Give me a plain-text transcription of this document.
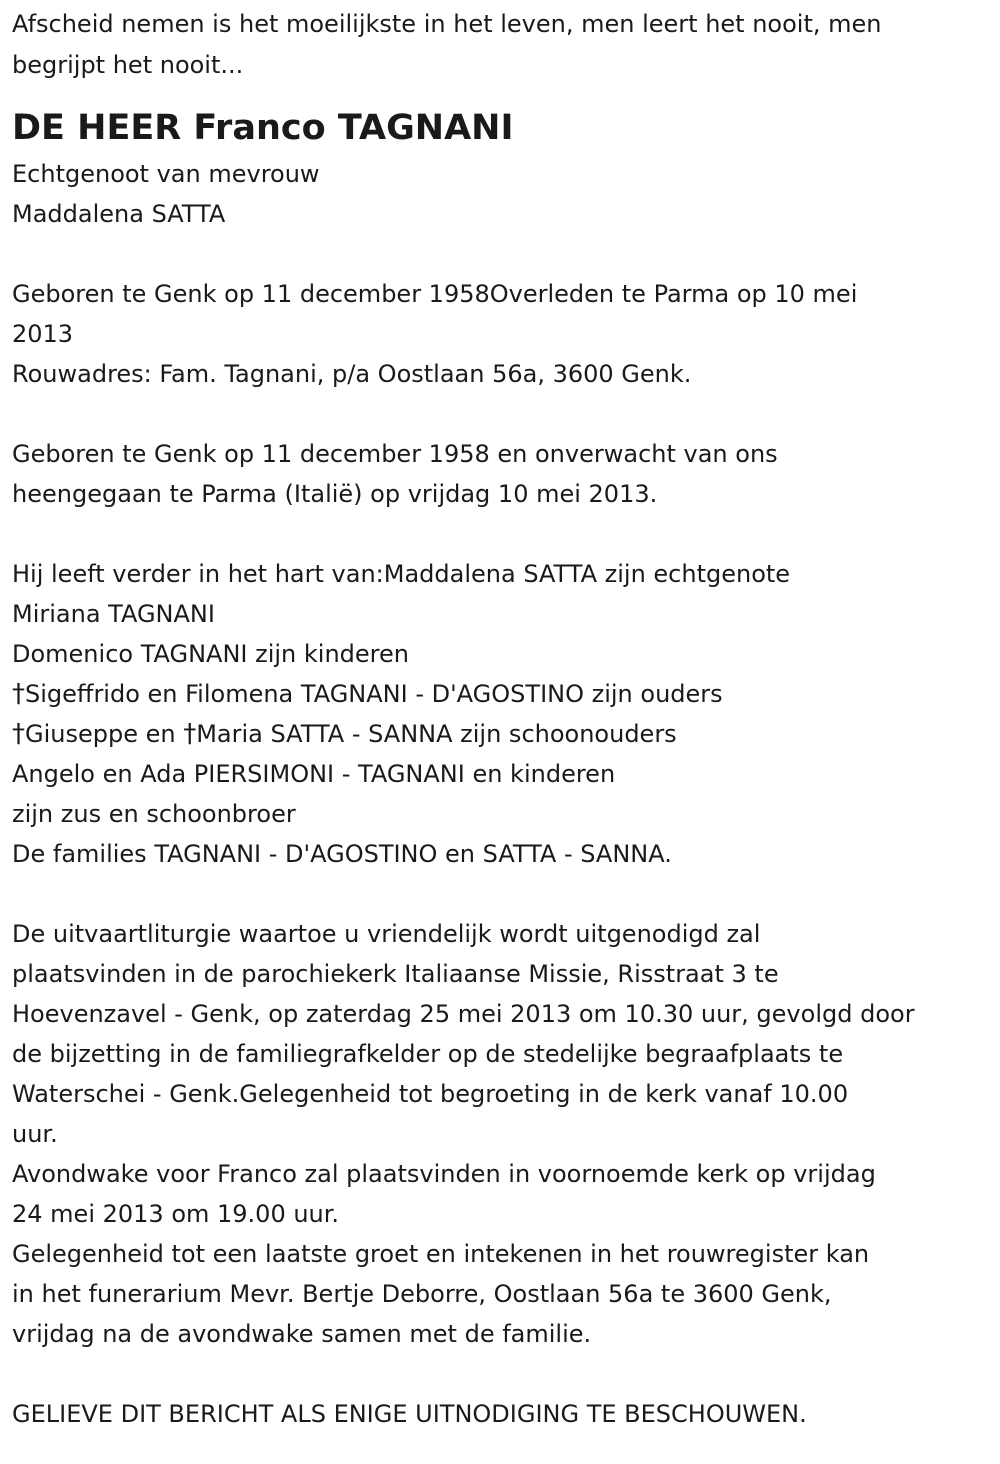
Afscheid nemen is het moeilijkste in het leven, men leert het nooit, men

begrijpt het nooit...

DE HEER Franco TAGNANI

Echtgenoot van mevrouw

Maddalena SATTA

Geboren te Genk op 11 december 1958Overleden te Parma op 10 mei

2013

Rouwadres: Fam. Tagnani, p/a Oostlaan 56a, 3600 Genk.

Geboren te Genk op 11 december 1958 en onverwacht van ons

heengegaan te Parma (Italië) op vrijdag 10 mei 2013.

Hij leeft verder in het hart van:Maddalena SATTA zijn echtgenote

Miriana TAGNANI

Domenico TAGNANI zijn kinderen

†Sigeffrido en Filomena TAGNANI - D'AGOSTINO zijn ouders

†Giuseppe en †Maria SATTA - SANNA zijn schoonouders

Angelo en Ada PIERSIMONI - TAGNANI en kinderen

zijn zus en schoonbroer

De families TAGNANI - D'AGOSTINO en SATTA - SANNA.

De uitvaartliturgie waartoe u vriendelijk wordt uitgenodigd zal

plaatsvinden in de parochiekerk Italiaanse Missie, Risstraat 3 te

Hoevenzavel - Genk, op zaterdag 25 mei 2013 om 10.30 uur, gevolgd door

de bijzetting in de familiegrafkelder op de stedelijke begraafplaats te

Waterschei - Genk.Gelegenheid tot begroeting in de kerk vanaf 10.00

uur.

Avondwake voor Franco zal plaatsvinden in voornoemde kerk op vrijdag

24 mei 2013 om 19.00 uur.

Gelegenheid tot een laatste groet en intekenen in het rouwregister kan

in het funerarium Mevr. Bertje Deborre, Oostlaan 56a te 3600 Genk,

vrijdag na de avondwake samen met de familie.

GELIEVE DIT BERICHT ALS ENIGE UITNODIGING TE BESCHOUWEN.
